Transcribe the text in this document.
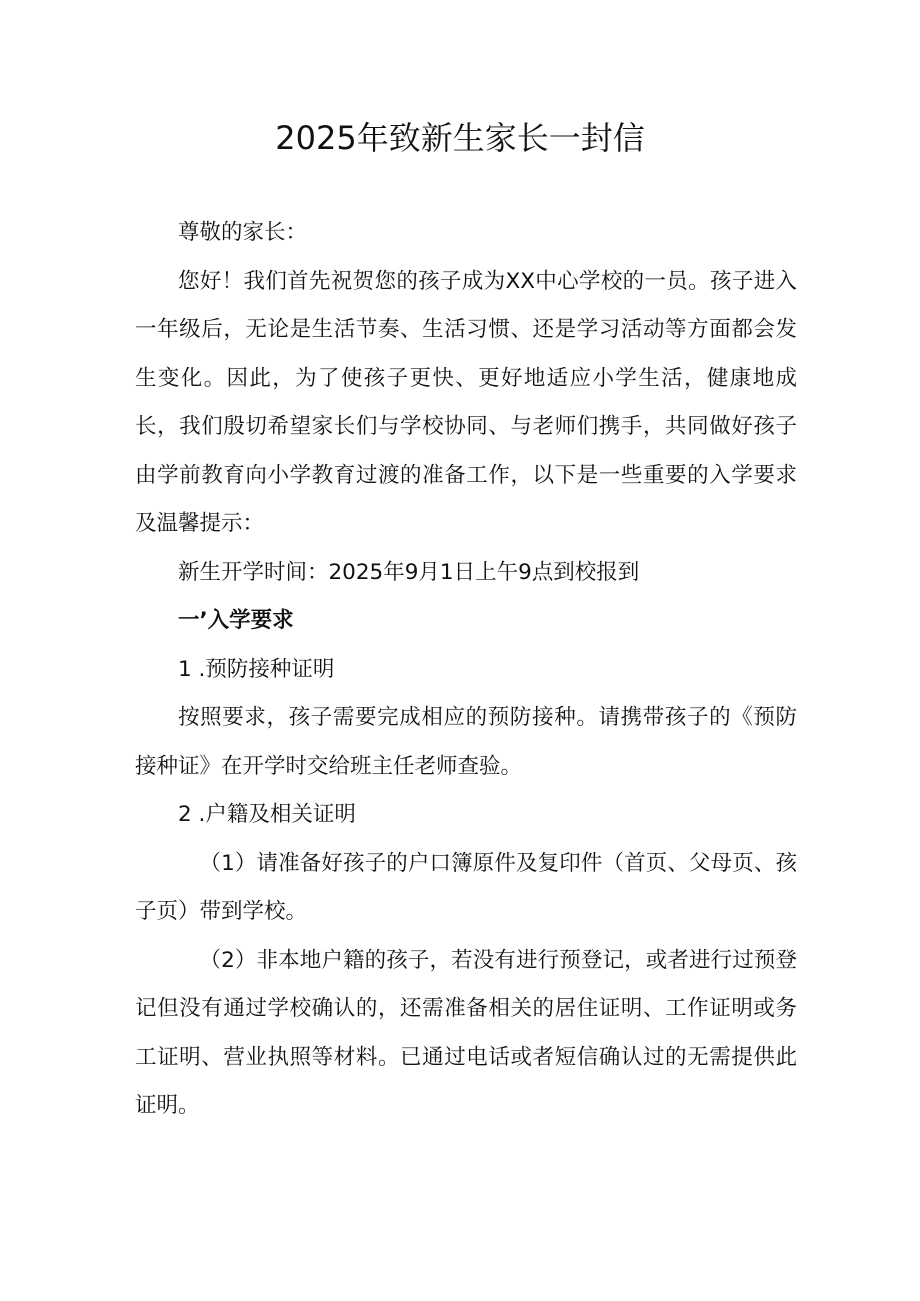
2025年致新生家长一封信

尊敬的家长：

您好！我们首先祝贺您的孩子成为XX中心学校的一员。孩子进入一年级后，无论是生活节奏、生活习惯、还是学习活动等方面都会发生变化。因此，为了使孩子更快、更好地适应小学生活，健康地成长，我们殷切希望家长们与学校协同、与老师们携手，共同做好孩子由学前教育向小学教育过渡的准备工作，以下是一些重要的入学要求及温馨提示：

新生开学时间：2025年9月1日上午9点到校报到

一’入学要求

1 .预防接种证明

按照要求，孩子需要完成相应的预防接种。请携带孩子的《预防接种证》在开学时交给班主任老师查验。

2 .户籍及相关证明

（1）请准备好孩子的户口簿原件及复印件（首页、父母页、孩子页）带到学校。

（2）非本地户籍的孩子，若没有进行预登记，或者进行过预登记但没有通过学校确认的，还需准备相关的居住证明、工作证明或务工证明、营业执照等材料。已通过电话或者短信确认过的无需提供此证明。
